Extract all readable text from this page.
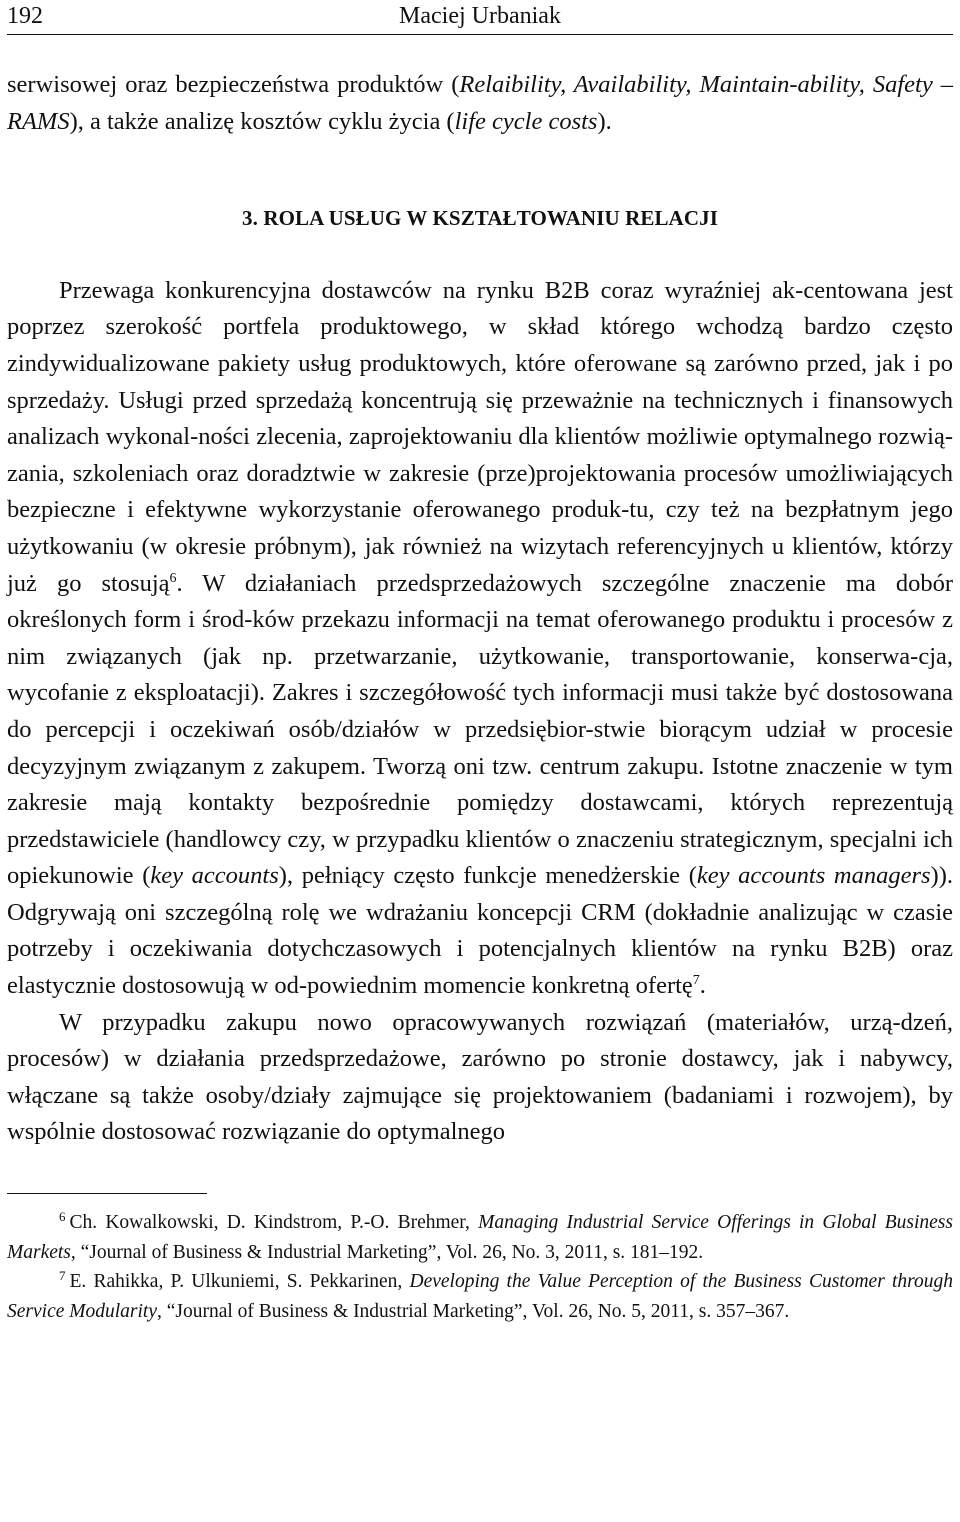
192	Maciej Urbaniak

serwisowej oraz bezpieczeństwa produktów (Relaibility, Availability, Maintain-ability, Safety – RAMS), a także analizę kosztów cyklu życia (life cycle costs).

3. ROLA USŁUG W KSZTAŁTOWANIU RELACJI

Przewaga konkurencyjna dostawców na rynku B2B coraz wyraźniej ak-centowana jest poprzez szerokość portfela produktowego, w skład którego wchodzą bardzo często zindywidualizowane pakiety usług produktowych, które oferowane są zarówno przed, jak i po sprzedaży. Usługi przed sprzedażą koncentrują się przeważnie na technicznych i finansowych analizach wykonal-ności zlecenia, zaprojektowaniu dla klientów możliwie optymalnego rozwią-zania, szkoleniach oraz doradztwie w zakresie (prze)projektowania procesów umożliwiających bezpieczne i efektywne wykorzystanie oferowanego produk-tu, czy też na bezpłatnym jego użytkowaniu (w okresie próbnym), jak również na wizytach referencyjnych u klientów, którzy już go stosują$^6$. W działaniach przedsprzedażowych szczególne znaczenie ma dobór określonych form i środ-ków przekazu informacji na temat oferowanego produktu i procesów z nim związanych (jak np. przetwarzanie, użytkowanie, transportowanie, konserwa-cja, wycofanie z eksploatacji). Zakres i szczegółowość tych informacji musi także być dostosowana do percepcji i oczekiwań osób/działów w przedsiębior-stwie biorącym udział w procesie decyzyjnym związanym z zakupem. Tworzą oni tzw. centrum zakupu. Istotne znaczenie w tym zakresie mają kontakty bezpośrednie pomiędzy dostawcami, których reprezentują przedstawiciele (handlowcy czy, w przypadku klientów o znaczeniu strategicznym, specjalni ich opiekunowie (key accounts), pełniący często funkcje menedżerskie (key accounts managers)). Odgrywają oni szczególną rolę we wdrażaniu koncepcji CRM (dokładnie analizując w czasie potrzeby i oczekiwania dotychczasowych i potencjalnych klientów na rynku B2B) oraz elastycznie dostosowują w od-powiednim momencie konkretną ofertę$^7$.

W przypadku zakupu nowo opracowywanych rozwiązań (materiałów, urzą-dzeń, procesów) w działania przedsprzedażowe, zarówno po stronie dostawcy, jak i nabywcy, włączane są także osoby/działy zajmujące się projektowaniem (badaniami i rozwojem), by wspólnie dostosować rozwiązanie do optymalnego

$^6$ Ch. Kowalkowski, D. Kindstrom, P.-O. Brehmer, Managing Industrial Service Offerings in Global Business Markets, “Journal of Business & Industrial Marketing”, Vol. 26, No. 3, 2011, s. 181–192.

$^7$ E. Rahikka, P. Ulkuniemi, S. Pekkarinen, Developing the Value Perception of the Business Customer through Service Modularity, “Journal of Business & Industrial Marketing”, Vol. 26, No. 5, 2011, s. 357–367.
